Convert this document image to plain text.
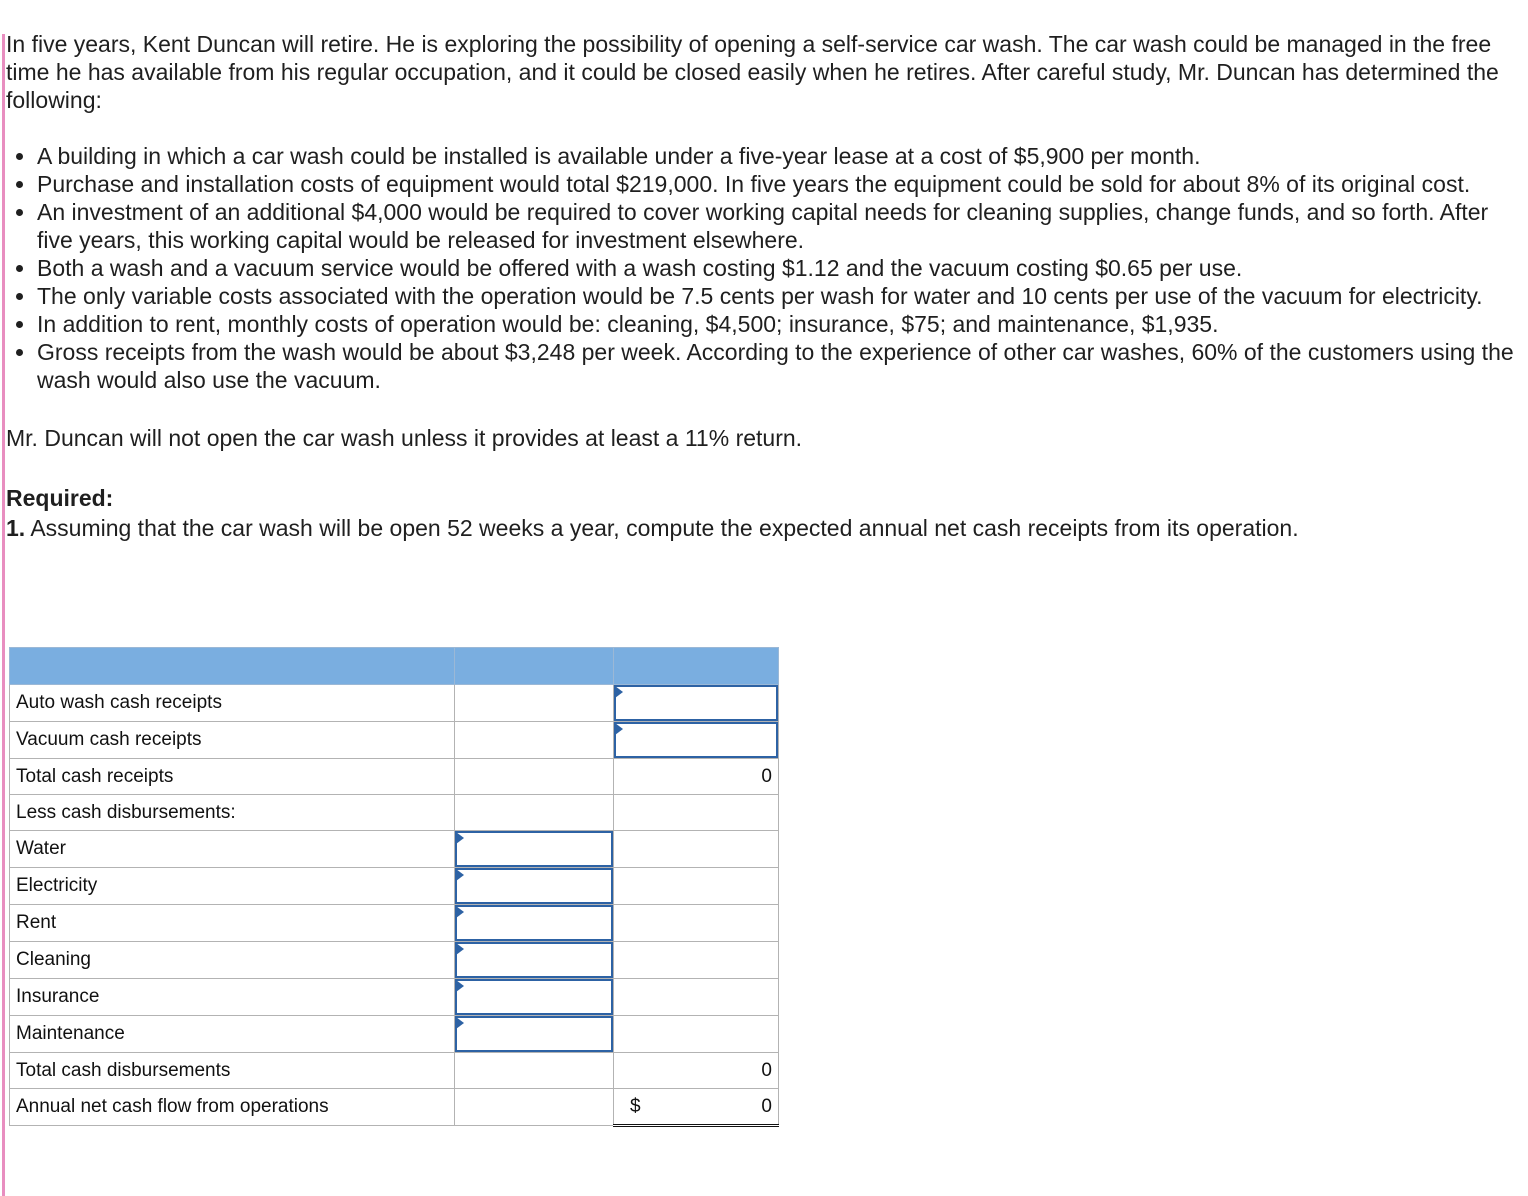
In five years, Kent Duncan will retire. He is exploring the possibility of opening a self-service car wash. The car wash could be managed in the free time he has available from his regular occupation, and it could be closed easily when he retires. After careful study, Mr. Duncan has determined the following:

• A building in which a car wash could be installed is available under a five-year lease at a cost of $5,900 per month.
• Purchase and installation costs of equipment would total $219,000. In five years the equipment could be sold for about 8% of its original cost.
• An investment of an additional $4,000 would be required to cover working capital needs for cleaning supplies, change funds, and so forth. After five years, this working capital would be released for investment elsewhere.
• Both a wash and a vacuum service would be offered with a wash costing $1.12 and the vacuum costing $0.65 per use.
• The only variable costs associated with the operation would be 7.5 cents per wash for water and 10 cents per use of the vacuum for electricity.
• In addition to rent, monthly costs of operation would be: cleaning, $4,500; insurance, $75; and maintenance, $1,935.
• Gross receipts from the wash would be about $3,248 per week. According to the experience of other car washes, 60% of the customers using the wash would also use the vacuum.

Mr. Duncan will not open the car wash unless it provides at least a 11% return.

Required:

1. Assuming that the car wash will be open 52 weeks a year, compute the expected annual net cash receipts from its operation.

Auto wash cash receipts		

Vacuum cash receipts		

Total cash receipts		0
Less cash disbursements:		
Water	

Electricity	

Rent	

Cleaning	

Insurance	

Maintenance	

Total cash disbursements		0
Annual net cash flow from operations		$ 0
